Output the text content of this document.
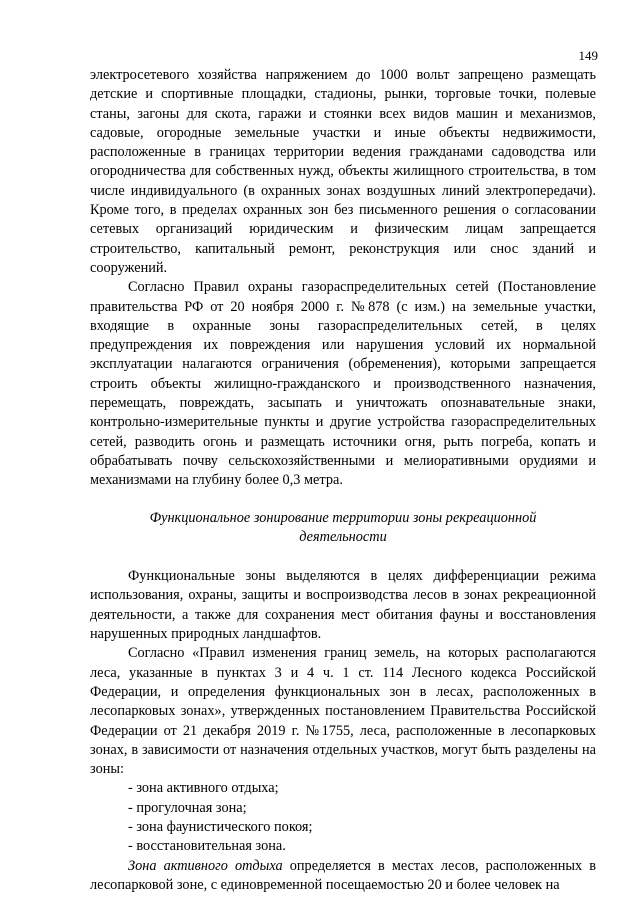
149

электросетевого хозяйства напряжением до 1000 вольт запрещено размещать детские и спортивные площадки, стадионы, рынки, торговые точки, полевые станы, загоны для скота, гаражи и стоянки всех видов машин и механизмов, садовые, огородные земельные участки и иные объекты недвижимости, расположенные в границах территории ведения гражданами садоводства или огородничества для собственных нужд, объекты жилищного строительства, в том числе индивидуального (в охранных зонах воздушных линий электропередачи). Кроме того, в пределах охранных зон без письменного решения о согласовании сетевых организаций юридическим и физическим лицам запрещается строительство, капитальный ремонт, реконструкция или снос зданий и сооружений.

Согласно Правил охраны газораспределительных сетей (Постановление правительства РФ от 20 ноября 2000 г. №878 (с изм.) на земельные участки, входящие в охранные зоны газораспределительных сетей, в целях предупреждения их повреждения или нарушения условий их нормальной эксплуатации налагаются ограничения (обременения), которыми запрещается строить объекты жилищно-гражданского и производственного назначения, перемещать, повреждать, засыпать и уничтожать опознавательные знаки, контрольно-измерительные пункты и другие устройства газораспределительных сетей, разводить огонь и размещать источники огня, рыть погреба, копать и обрабатывать почву сельскохозяйственными и мелиоративными орудиями и механизмами на глубину более 0,3 метра.

Функциональное зонирование территории зоны рекреационной деятельности

Функциональные зоны выделяются в целях дифференциации режима использования, охраны, защиты и воспроизводства лесов в зонах рекреационной деятельности, а также для сохранения мест обитания фауны и восстановления нарушенных природных ландшафтов.

Согласно «Правил изменения границ земель, на которых располагаются леса, указанные в пунктах 3 и 4 ч. 1 ст. 114 Лесного кодекса Российской Федерации, и определения функциональных зон в лесах, расположенных в лесопарковых зонах», утвержденных постановлением Правительства Российской Федерации от 21 декабря 2019 г. №1755, леса, расположенные в лесопарковых зонах, в зависимости от назначения отдельных участков, могут быть разделены на зоны:

- зона активного отдыха;
- прогулочная зона;
- зона фаунистического покоя;
- восстановительная зона.

Зона активного отдыха определяется в местах лесов, расположенных в лесопарковой зоне, с единовременной посещаемостью 20 и более человек на
